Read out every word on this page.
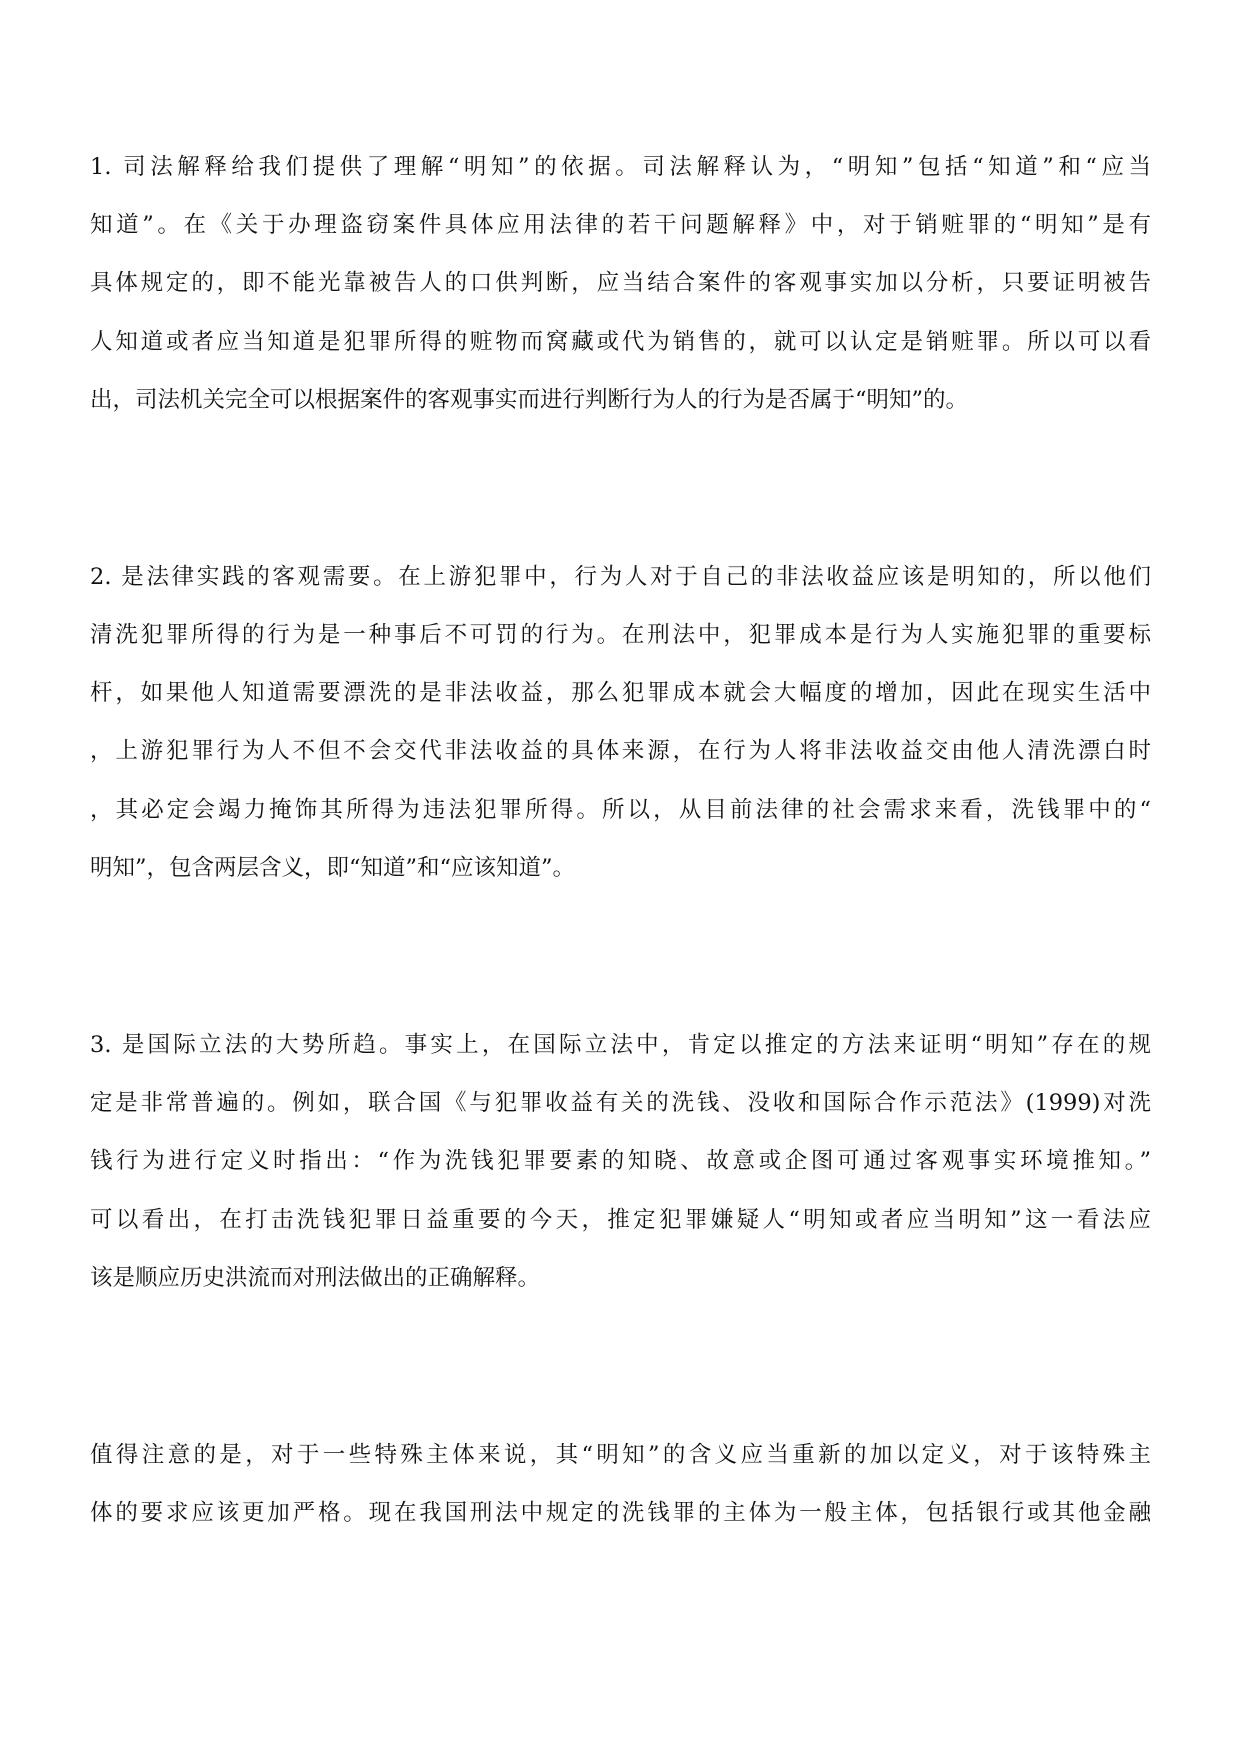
1. 司法解释给我们提供了理解“明知”的依据。司法解释认为，“明知”包括“知道”和“应当
知道”。在《关于办理盗窃案件具体应用法律的若干问题解释》中，对于销赃罪的“明知”是有
具体规定的，即不能光靠被告人的口供判断，应当结合案件的客观事实加以分析，只要证明被告
人知道或者应当知道是犯罪所得的赃物而窝藏或代为销售的，就可以认定是销赃罪。所以可以看
出，司法机关完全可以根据案件的客观事实而进行判断行为人的行为是否属于“明知”的。
2. 是法律实践的客观需要。在上游犯罪中，行为人对于自己的非法收益应该是明知的，所以他们
清洗犯罪所得的行为是一种事后不可罚的行为。在刑法中，犯罪成本是行为人实施犯罪的重要标
杆，如果他人知道需要漂洗的是非法收益，那么犯罪成本就会大幅度的增加，因此在现实生活中
，上游犯罪行为人不但不会交代非法收益的具体来源，在行为人将非法收益交由他人清洗漂白时
，其必定会竭力掩饰其所得为违法犯罪所得。所以，从目前法律的社会需求来看，洗钱罪中的“
明知”，包含两层含义，即“知道”和“应该知道”。
3. 是国际立法的大势所趋。事实上，在国际立法中，肯定以推定的方法来证明“明知”存在的规
定是非常普遍的。例如，联合国《与犯罪收益有关的洗钱、没收和国际合作示范法》(1999)对洗
钱行为进行定义时指出：“作为洗钱犯罪要素的知晓、故意或企图可通过客观事实环境推知。”
可以看出，在打击洗钱犯罪日益重要的今天，推定犯罪嫌疑人“明知或者应当明知”这一看法应
该是顺应历史洪流而对刑法做出的正确解释。
值得注意的是，对于一些特殊主体来说，其“明知”的含义应当重新的加以定义，对于该特殊主
体的要求应该更加严格。现在我国刑法中规定的洗钱罪的主体为一般主体，包括银行或其他金融
